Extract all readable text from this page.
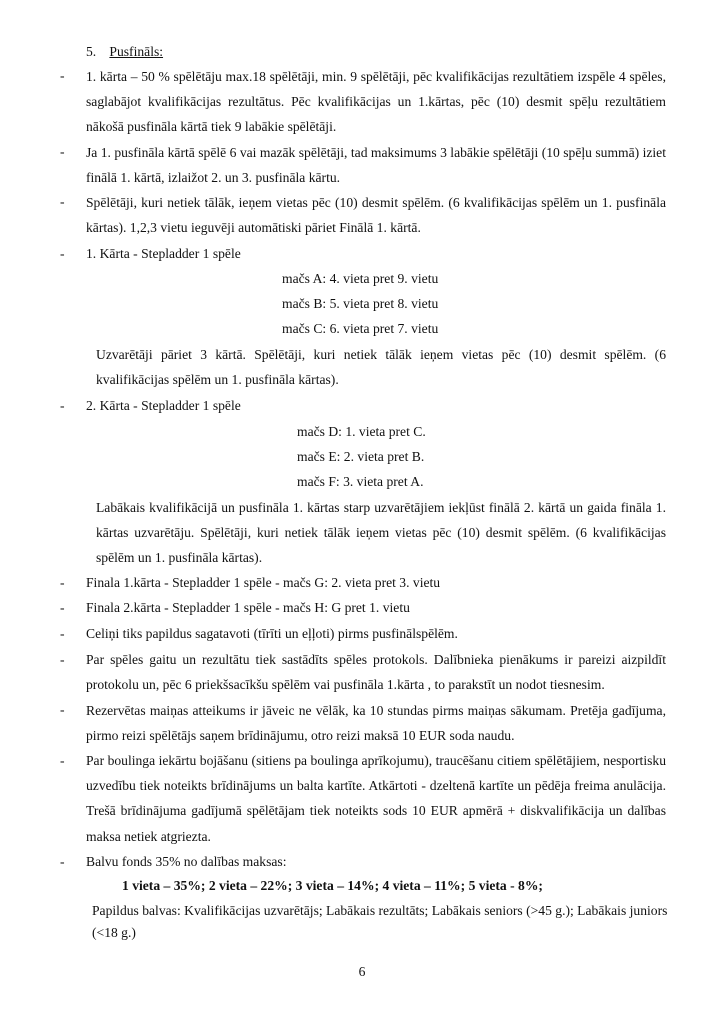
5. Pusfināls:
-	1. kārta – 50 % spēlētāju max.18 spēlētāji, min. 9 spēlētāji, pēc kvalifikācijas rezultātiem izspēle 4 spēles, saglabājot kvalifikācijas rezultātus. Pēc kvalifikācijas un 1.kārtas, pēc (10) desmit spēļu rezultātiem nākošā pusfināla kārtā tiek 9 labākie spēlētāji.
-	Ja 1. pusfināla kārtā spēlē 6 vai mazāk spēlētāji, tad maksimums 3 labākie spēlētāji (10 spēļu summā) iziet finālā 1. kārtā, izlaižot 2. un 3. pusfināla kārtu.
-	Spēlētāji, kuri netiek tālāk, ieņem vietas pēc (10) desmit spēlēm. (6 kvalifikācijas spēlēm un 1. pusfināla kārtas). 1,2,3 vietu ieguvēji automātiski pāriet Finālā 1. kārtā.
-	1. Kārta - Stepladder 1 spēle
mačs A: 4. vieta pret 9. vietu
mačs B: 5. vieta pret 8. vietu
mačs C: 6. vieta pret 7. vietu
Uzvarētāji pāriet 3 kārtā. Spēlētāji, kuri netiek tālāk ieņem vietas pēc (10) desmit spēlēm. (6 kvalifikācijas spēlēm un 1. pusfināla kārtas).
-	2. Kārta - Stepladder 1 spēle
mačs D: 1. vieta pret C.
mačs E: 2. vieta pret B.
mačs F: 3. vieta pret A.
Labākais kvalifikācijā un pusfināla 1. kārtas starp uzvarētājiem iekļūst finālā 2. kārtā un gaida fināla 1. kārtas uzvarētāju. Spēlētāji, kuri netiek tālāk ieņem vietas pēc (10) desmit spēlēm. (6 kvalifikācijas spēlēm un 1. pusfināla kārtas).
-	Finala 1.kārta - Stepladder 1 spēle - mačs G: 2. vieta pret 3. vietu
-	Finala 2.kārta - Stepladder 1 spēle - mačs H: G pret 1. vietu
-	Celiņi tiks papildus sagatavoti (tīrīti un eļļoti) pirms pusfinālspēlēm.
-	Par spēles gaitu un rezultātu tiek sastādīts spēles protokols. Dalībnieka pienākums ir pareizi aizpildīt protokolu un, pēc 6 priekšsacīkšu spēlēm vai pusfināla 1.kārta , to parakstīt un nodot tiesnesim.
-	Rezervētas maiņas atteikums ir jāveic ne vēlāk, ka 10 stundas pirms maiņas sākumam. Pretēja gadījuma, pirmo reizi spēlētājs saņem brīdinājumu, otro reizi maksā 10 EUR soda naudu.
-	Par boulinga iekārtu bojāšanu (sitiens pa boulinga aprīkojumu), traucēšanu citiem spēlētājiem, nesportisku uzvedību tiek noteikts brīdinājums un balta kartīte. Atkārtoti - dzeltenā kartīte un pēdēja freima anulācija. Trešā brīdinājuma gadījumā spēlētājam tiek noteikts sods 10 EUR apmērā + diskvalifikācija un dalības maksa netiek atgriezta.
-	Balvu fonds 35% no dalības maksas:
1 vieta – 35%; 2 vieta – 22%; 3 vieta – 14%; 4 vieta – 11%; 5 vieta - 8%;
Papildus balvas: Kvalifikācijas uzvarētājs; Labākais rezultāts; Labākais seniors (>45 g.); Labākais juniors (<18 g.)
6
